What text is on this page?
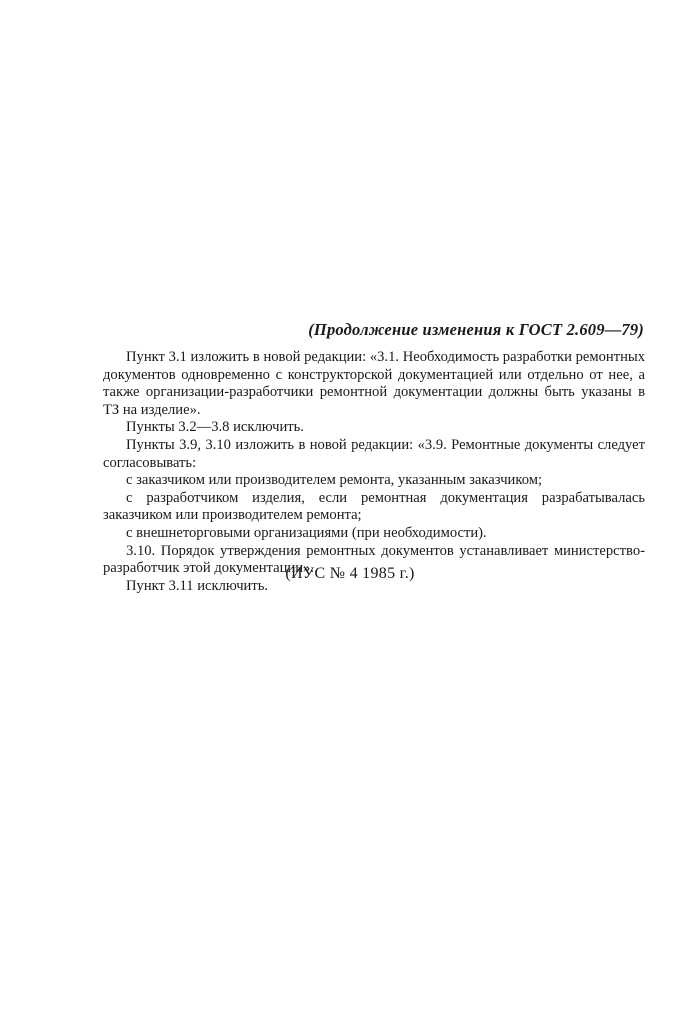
(Продолжение изменения к ГОСТ 2.609—79)

Пункт 3.1 изложить в новой редакции: «3.1. Необходимость разработки ремонтных документов одновременно с конструкторской документацией или отдельно от нее, а также организации-разработчики ремонтной документации должны быть указаны в ТЗ на изделие».

Пункты 3.2—3.8 исключить.

Пункты 3.9, 3.10 изложить в новой редакции: «3.9. Ремонтные документы следует согласовывать:

с заказчиком или производителем ремонта, указанным заказчиком;

с разработчиком изделия, если ремонтная документация разрабатывалась заказчиком или производителем ремонта;

с внешнеторговыми организациями (при необходимости).

3.10. Порядок утверждения ремонтных документов устанавливает министерство-разработчик этой документации».

Пункт 3.11 исключить.

(ИУС № 4 1985 г.)
